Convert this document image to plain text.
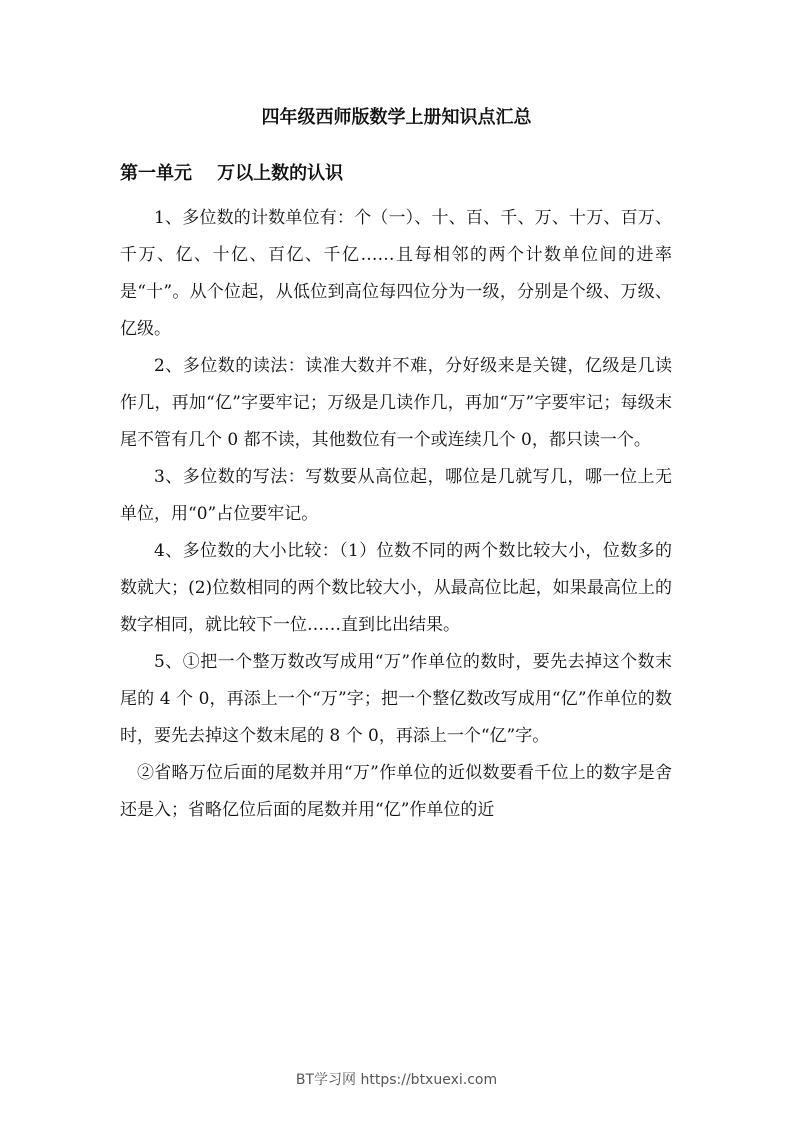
四年级西师版数学上册知识点汇总
第一单元    万以上数的认识

1、多位数的计数单位有：个（一）、十、百、千、万、十万、百万、千万、亿、十亿、百亿、千亿……且每相邻的两个计数单位间的进率是“十”。从个位起，从低位到高位每四位分为一级，分别是个级、万级、亿级。

2、多位数的读法：读准大数并不难，分好级来是关键，亿级是几读作几，再加“亿”字要牢记；万级是几读作几，再加“万”字要牢记；每级末尾不管有几个 0 都不读，其他数位有一个或连续几个 0，都只读一个。

3、多位数的写法：写数要从高位起，哪位是几就写几，哪一位上无单位，用“0”占位要牢记。

4、多位数的大小比较：（1）位数不同的两个数比较大小，位数多的数就大；(2)位数相同的两个数比较大小，从最高位比起，如果最高位上的数字相同，就比较下一位……直到比出结果。

5、①把一个整万数改写成用“万”作单位的数时，要先去掉这个数末尾的 4 个 0，再添上一个“万”字；把一个整亿数改写成用“亿”作单位的数时，要先去掉这个数末尾的 8 个 0，再添上一个“亿”字。

②省略万位后面的尾数并用“万”作单位的近似数要看千位上的数字是舍还是入；省略亿位后面的尾数并用“亿”作单位的近

BT学习网 https://btxuexi.com
